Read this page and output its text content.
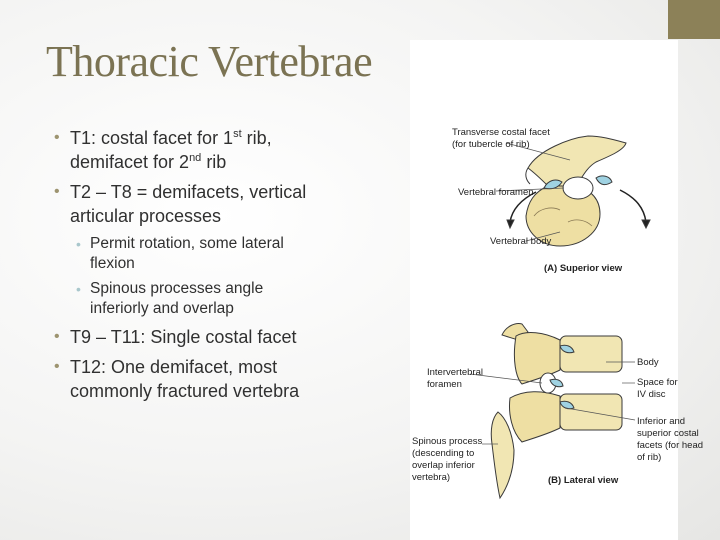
Thoracic Vertebrae
• T1: costal facet for 1st rib, demifacet for 2nd rib
• T2 – T8 = demifacets, vertical articular processes
• Permit rotation, some lateral flexion
• Spinous processes angle inferiorly and overlap
• T9 – T11: Single costal facet
• T12: One demifacet, most commonly fractured vertebra
Transverse costal facet
(for tubercle of rib)
Vertebral foramen
Vertebral body
(A) Superior view
Intervertebral
foramen
Spinous process
(descending to
overlap inferior
vertebra)
Body
Space for
IV disc
Inferior and
superior costal
facets (for head
of rib)
(B) Lateral view
